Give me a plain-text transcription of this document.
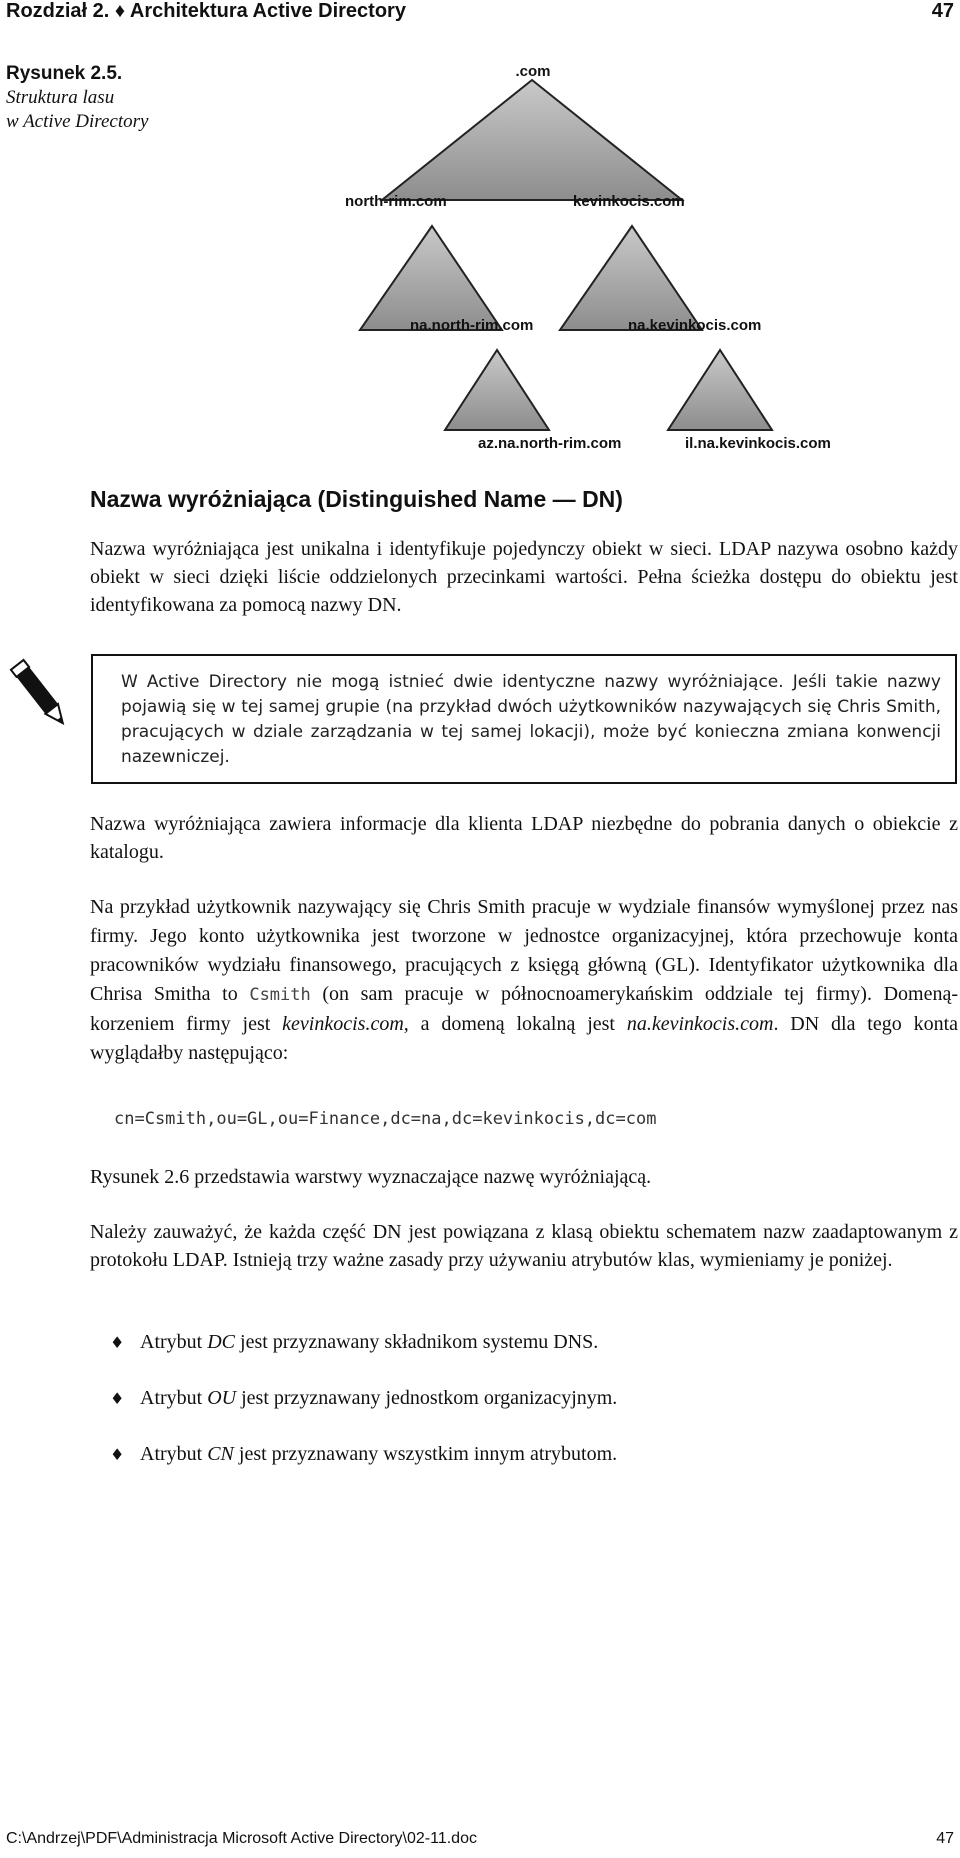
Rozdział 2. ♦ Architektura Active Directory	47
Rysunek 2.5.
Struktura lasu
w Active Directory
.com
north-rim.com	kevinkocis.com
na.north-rim.com	na.kevinkocis.com
az.na.north-rim.com	il.na.kevinkocis.com
Nazwa wyróżniająca (Distinguished Name — DN)
Nazwa wyróżniająca jest unikalna i identyfikuje pojedynczy obiekt w sieci. LDAP nazywa osobno każdy obiekt w sieci dzięki liście oddzielonych przecinkami wartości. Pełna ścieżka dostępu do obiektu jest identyfikowana za pomocą nazwy DN.
W Active Directory nie mogą istnieć dwie identyczne nazwy wyróżniające. Jeśli takie nazwy pojawią się w tej samej grupie (na przykład dwóch użytkowników nazywających się Chris Smith, pracujących w dziale zarządzania w tej samej lokacji), może być konieczna zmiana konwencji nazewniczej.
Nazwa wyróżniająca zawiera informacje dla klienta LDAP niezbędne do pobrania danych o obiekcie z katalogu.
Na przykład użytkownik nazywający się Chris Smith pracuje w wydziale finansów wymyślonej przez nas firmy. Jego konto użytkownika jest tworzone w jednostce organizacyjnej, która przechowuje konta pracowników wydziału finansowego, pracujących z księgą główną (GL). Identyfikator użytkownika dla Chrisa Smitha to Csmith (on sam pracuje w północnoamerykańskim oddziale tej firmy). Domeną-korzeniem firmy jest kevinkocis.com, a domeną lokalną jest na.kevinkocis.com. DN dla tego konta wyglądałby następująco:
cn=Csmith,ou=GL,ou=Finance,dc=na,dc=kevinkocis,dc=com
Rysunek 2.6 przedstawia warstwy wyznaczające nazwę wyróżniającą.
Należy zauważyć, że każda część DN jest powiązana z klasą obiektu schematem nazw zaadaptowanym z protokołu LDAP. Istnieją trzy ważne zasady przy używaniu atrybutów klas, wymieniamy je poniżej.
♦ Atrybut DC jest przyznawany składnikom systemu DNS.
♦ Atrybut OU jest przyznawany jednostkom organizacyjnym.
♦ Atrybut CN jest przyznawany wszystkim innym atrybutom.
C:\Andrzej\PDF\Administracja Microsoft Active Directory\02-11.doc	47
